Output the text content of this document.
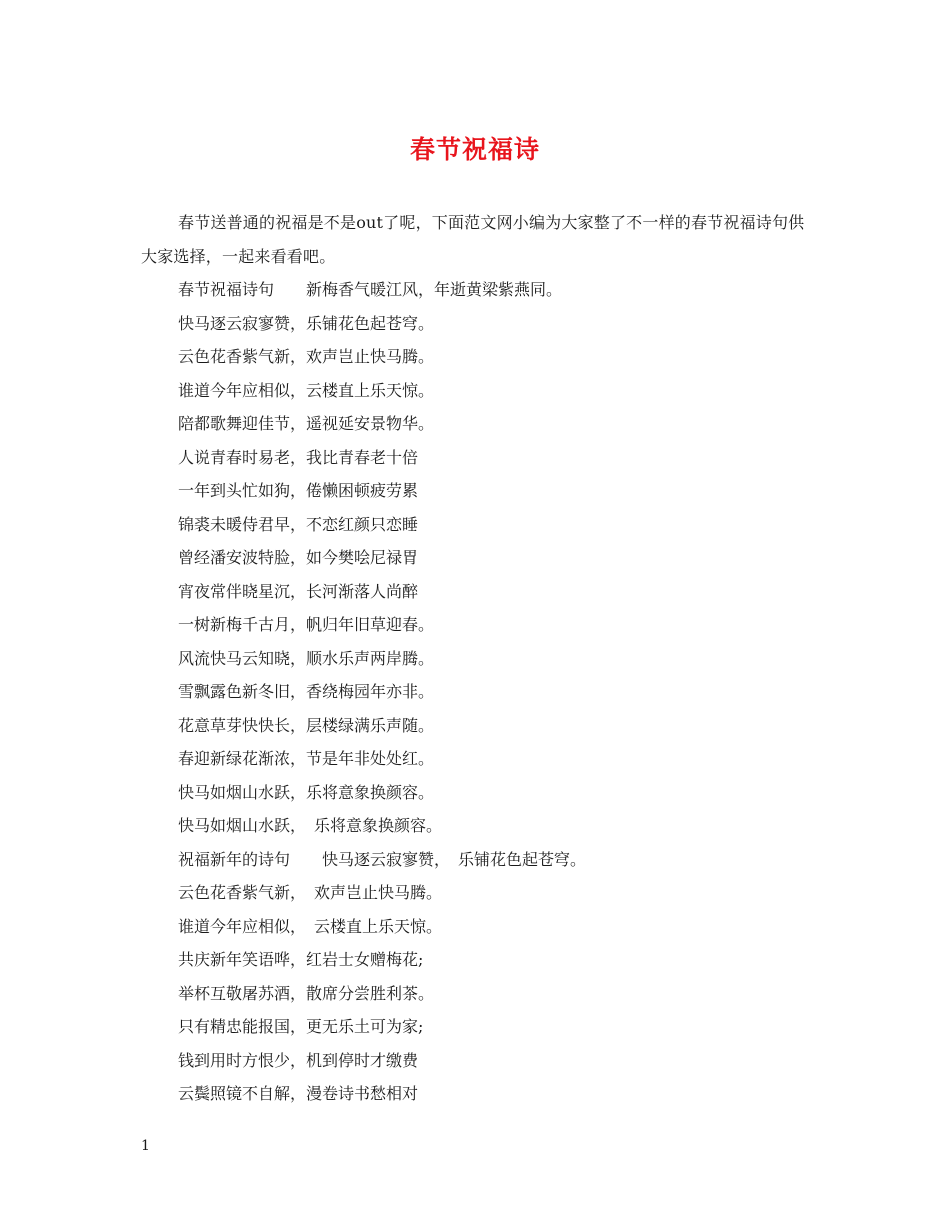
春节祝福诗

春节送普通的祝福是不是out了呢，下面范文网小编为大家整了不一样的春节祝福诗句供大家选择，一起来看看吧。

春节祝福诗句　　新梅香气暖江风，年逝黄梁紫燕同。

快马逐云寂寥赞，乐铺花色起苍穹。

云色花香紫气新，欢声岂止快马腾。

谁道今年应相似，云楼直上乐天惊。

陪都歌舞迎佳节，遥视延安景物华。

人说青春时易老，我比青春老十倍

一年到头忙如狗，倦懒困顿疲劳累

锦裘未暖侍君早，不恋红颜只恋睡

曾经潘安波特脸，如今樊哙尼禄胃

宵夜常伴晓星沉，长河渐落人尚醉

一树新梅千古月，帆归年旧草迎春。

风流快马云知晓，顺水乐声两岸腾。

雪飘露色新冬旧，香绕梅园年亦非。

花意草芽快快长，层楼绿满乐声随。

春迎新绿花渐浓，节是年非处处红。

快马如烟山水跃，乐将意象换颜容。

快马如烟山水跃，　乐将意象换颜容。

祝福新年的诗句　　快马逐云寂寥赞，　乐铺花色起苍穹。

云色花香紫气新，　欢声岂止快马腾。

谁道今年应相似，　云楼直上乐天惊。

共庆新年笑语哗，红岩士女赠梅花;

举杯互敬屠苏酒，散席分尝胜利茶。

只有精忠能报国，更无乐土可为家;

钱到用时方恨少，机到停时才缴费

云鬓照镜不自解，漫卷诗书愁相对

1
